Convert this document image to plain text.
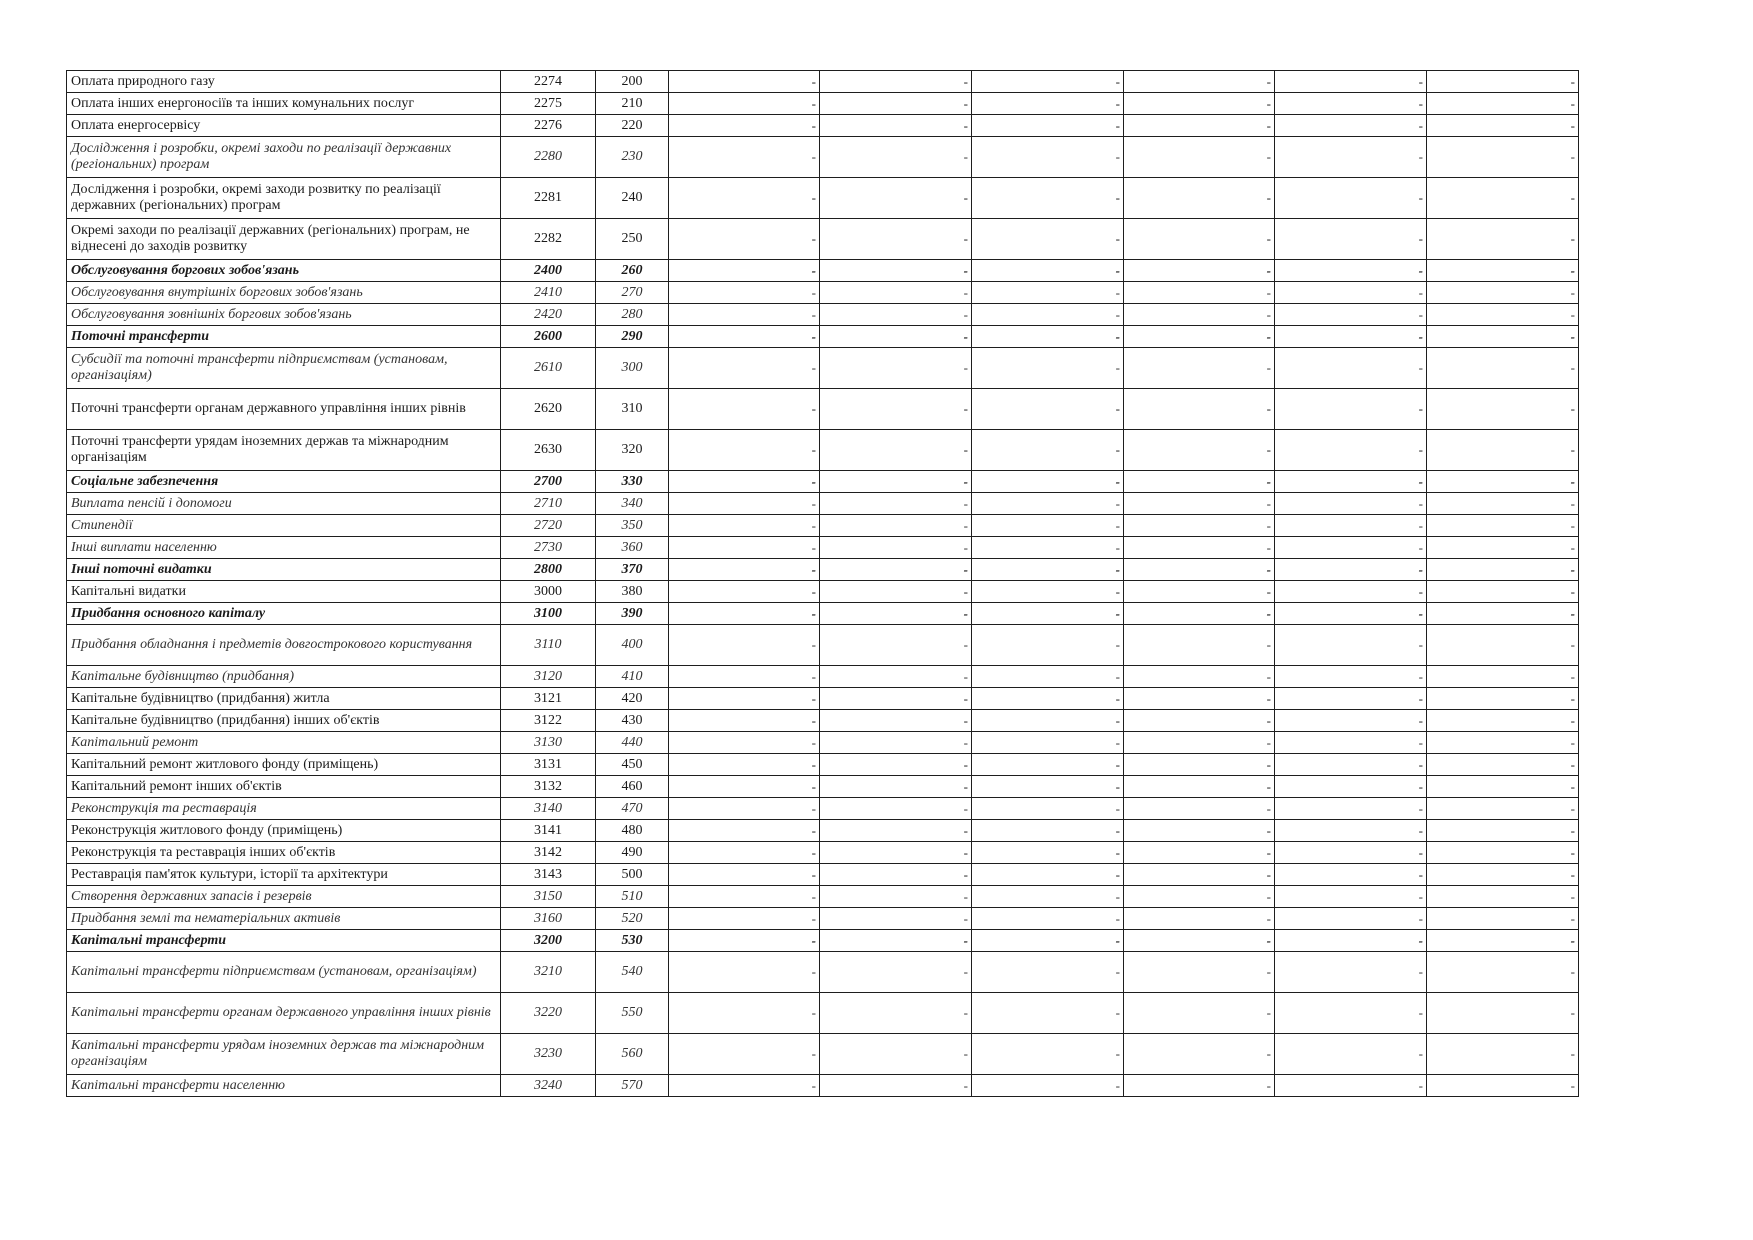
Оплата природного газу	2274	200	-	-	-	-	-	-
Оплата інших енергоносіїв та інших комунальних послуг	2275	210	-	-	-	-	-	-
Оплата енергосервісу	2276	220	-	-	-	-	-	-
Дослідження і розробки, окремі заходи по реалізації державних (регіональних) програм	2280	230	-	-	-	-	-	-
Дослідження і розробки, окремі заходи розвитку по реалізації державних (регіональних) програм	2281	240	-	-	-	-	-	-
Окремі заходи по реалізації державних (регіональних) програм, не віднесені до заходів розвитку	2282	250	-	-	-	-	-	-
Обслуговування боргових зобов'язань	2400	260	-	-	-	-	-	-
Обслуговування внутрішніх боргових зобов'язань	2410	270	-	-	-	-	-	-
Обслуговування зовнішніх боргових зобов'язань	2420	280	-	-	-	-	-	-
Поточні трансферти	2600	290	-	-	-	-	-	-
Субсидії та поточні трансферти підприємствам (установам, організаціям)	2610	300	-	-	-	-	-	-
Поточні трансферти органам державного управління інших рівнів	2620	310	-	-	-	-	-	-
Поточні трансферти урядам іноземних держав та міжнародним організаціям	2630	320	-	-	-	-	-	-
Соціальне забезпечення	2700	330	-	-	-	-	-	-
Виплата пенсій і допомоги	2710	340	-	-	-	-	-	-
Стипендії	2720	350	-	-	-	-	-	-
Інші виплати населенню	2730	360	-	-	-	-	-	-
Інші поточні видатки	2800	370	-	-	-	-	-	-
Капітальні видатки	3000	380	-	-	-	-	-	-
Придбання основного капіталу	3100	390	-	-	-	-	-	-
Придбання обладнання і предметів довгострокового користування	3110	400	-	-	-	-	-	-
Капітальне будівництво (придбання)	3120	410	-	-	-	-	-	-
Капітальне будівництво (придбання) житла	3121	420	-	-	-	-	-	-
Капітальне будівництво (придбання) інших об'єктів	3122	430	-	-	-	-	-	-
Капітальний ремонт	3130	440	-	-	-	-	-	-
Капітальний ремонт житлового фонду (приміщень)	3131	450	-	-	-	-	-	-
Капітальний ремонт інших об'єктів	3132	460	-	-	-	-	-	-
Реконструкція та реставрація	3140	470	-	-	-	-	-	-
Реконструкція житлового фонду (приміщень)	3141	480	-	-	-	-	-	-
Реконструкція та реставрація інших об'єктів	3142	490	-	-	-	-	-	-
Реставрація пам'яток культури, історії та архітектури	3143	500	-	-	-	-	-	-
Створення державних запасів і резервів	3150	510	-	-	-	-	-	-
Придбання землі та нематеріальних активів	3160	520	-	-	-	-	-	-
Капітальні трансферти	3200	530	-	-	-	-	-	-
Капітальні трансферти підприємствам (установам, організаціям)	3210	540	-	-	-	-	-	-
Капітальні трансферти органам державного управління інших рівнів	3220	550	-	-	-	-	-	-
Капітальні трансферти урядам іноземних держав та міжнародним організаціям	3230	560	-	-	-	-	-	-
Капітальні трансферти населенню	3240	570	-	-	-	-	-	-
